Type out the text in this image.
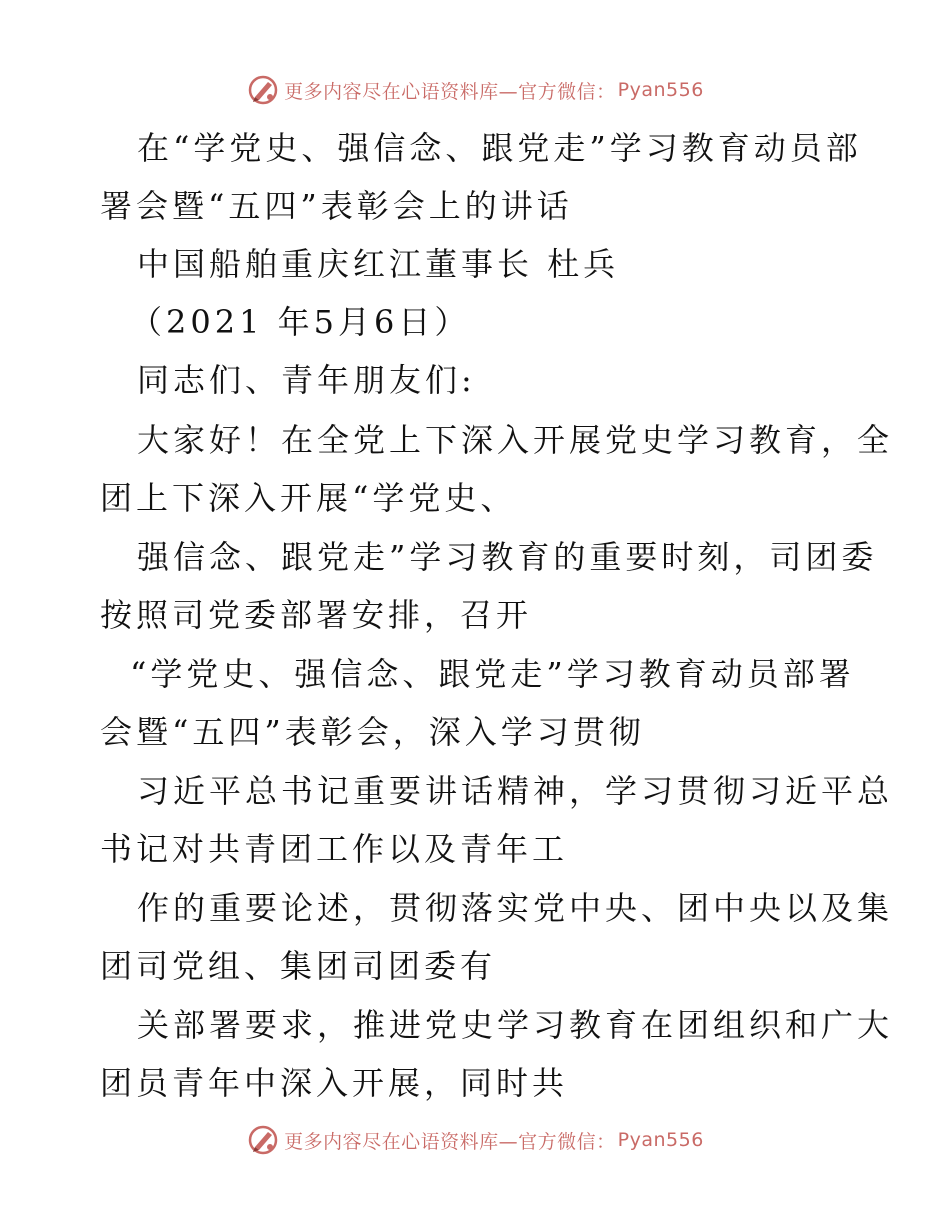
更多内容尽在心语资料库—官方微信： Pyan556
在“学党史、强信念、跟党走”学习教育动员部
署会暨“五四”表彰会上的讲话
中国船舶重庆红江董事长 杜兵
（2021 年5月6日）
同志们、青年朋友们:
大家好！在全党上下深入开展党史学习教育，全
团上下深入开展“学党史、
强信念、跟党走”学习教育的重要时刻，司团委
按照司党委部署安排，召开
“学党史、强信念、跟党走”学习教育动员部署
会暨“五四”表彰会，深入学习贯彻
习近平总书记重要讲话精神，学习贯彻习近平总
书记对共青团工作以及青年工
作的重要论述，贯彻落实党中央、团中央以及集
团司党组、集团司团委有
关部署要求，推进党史学习教育在团组织和广大
团员青年中深入开展，同时共
更多内容尽在心语资料库—官方微信： Pyan556
